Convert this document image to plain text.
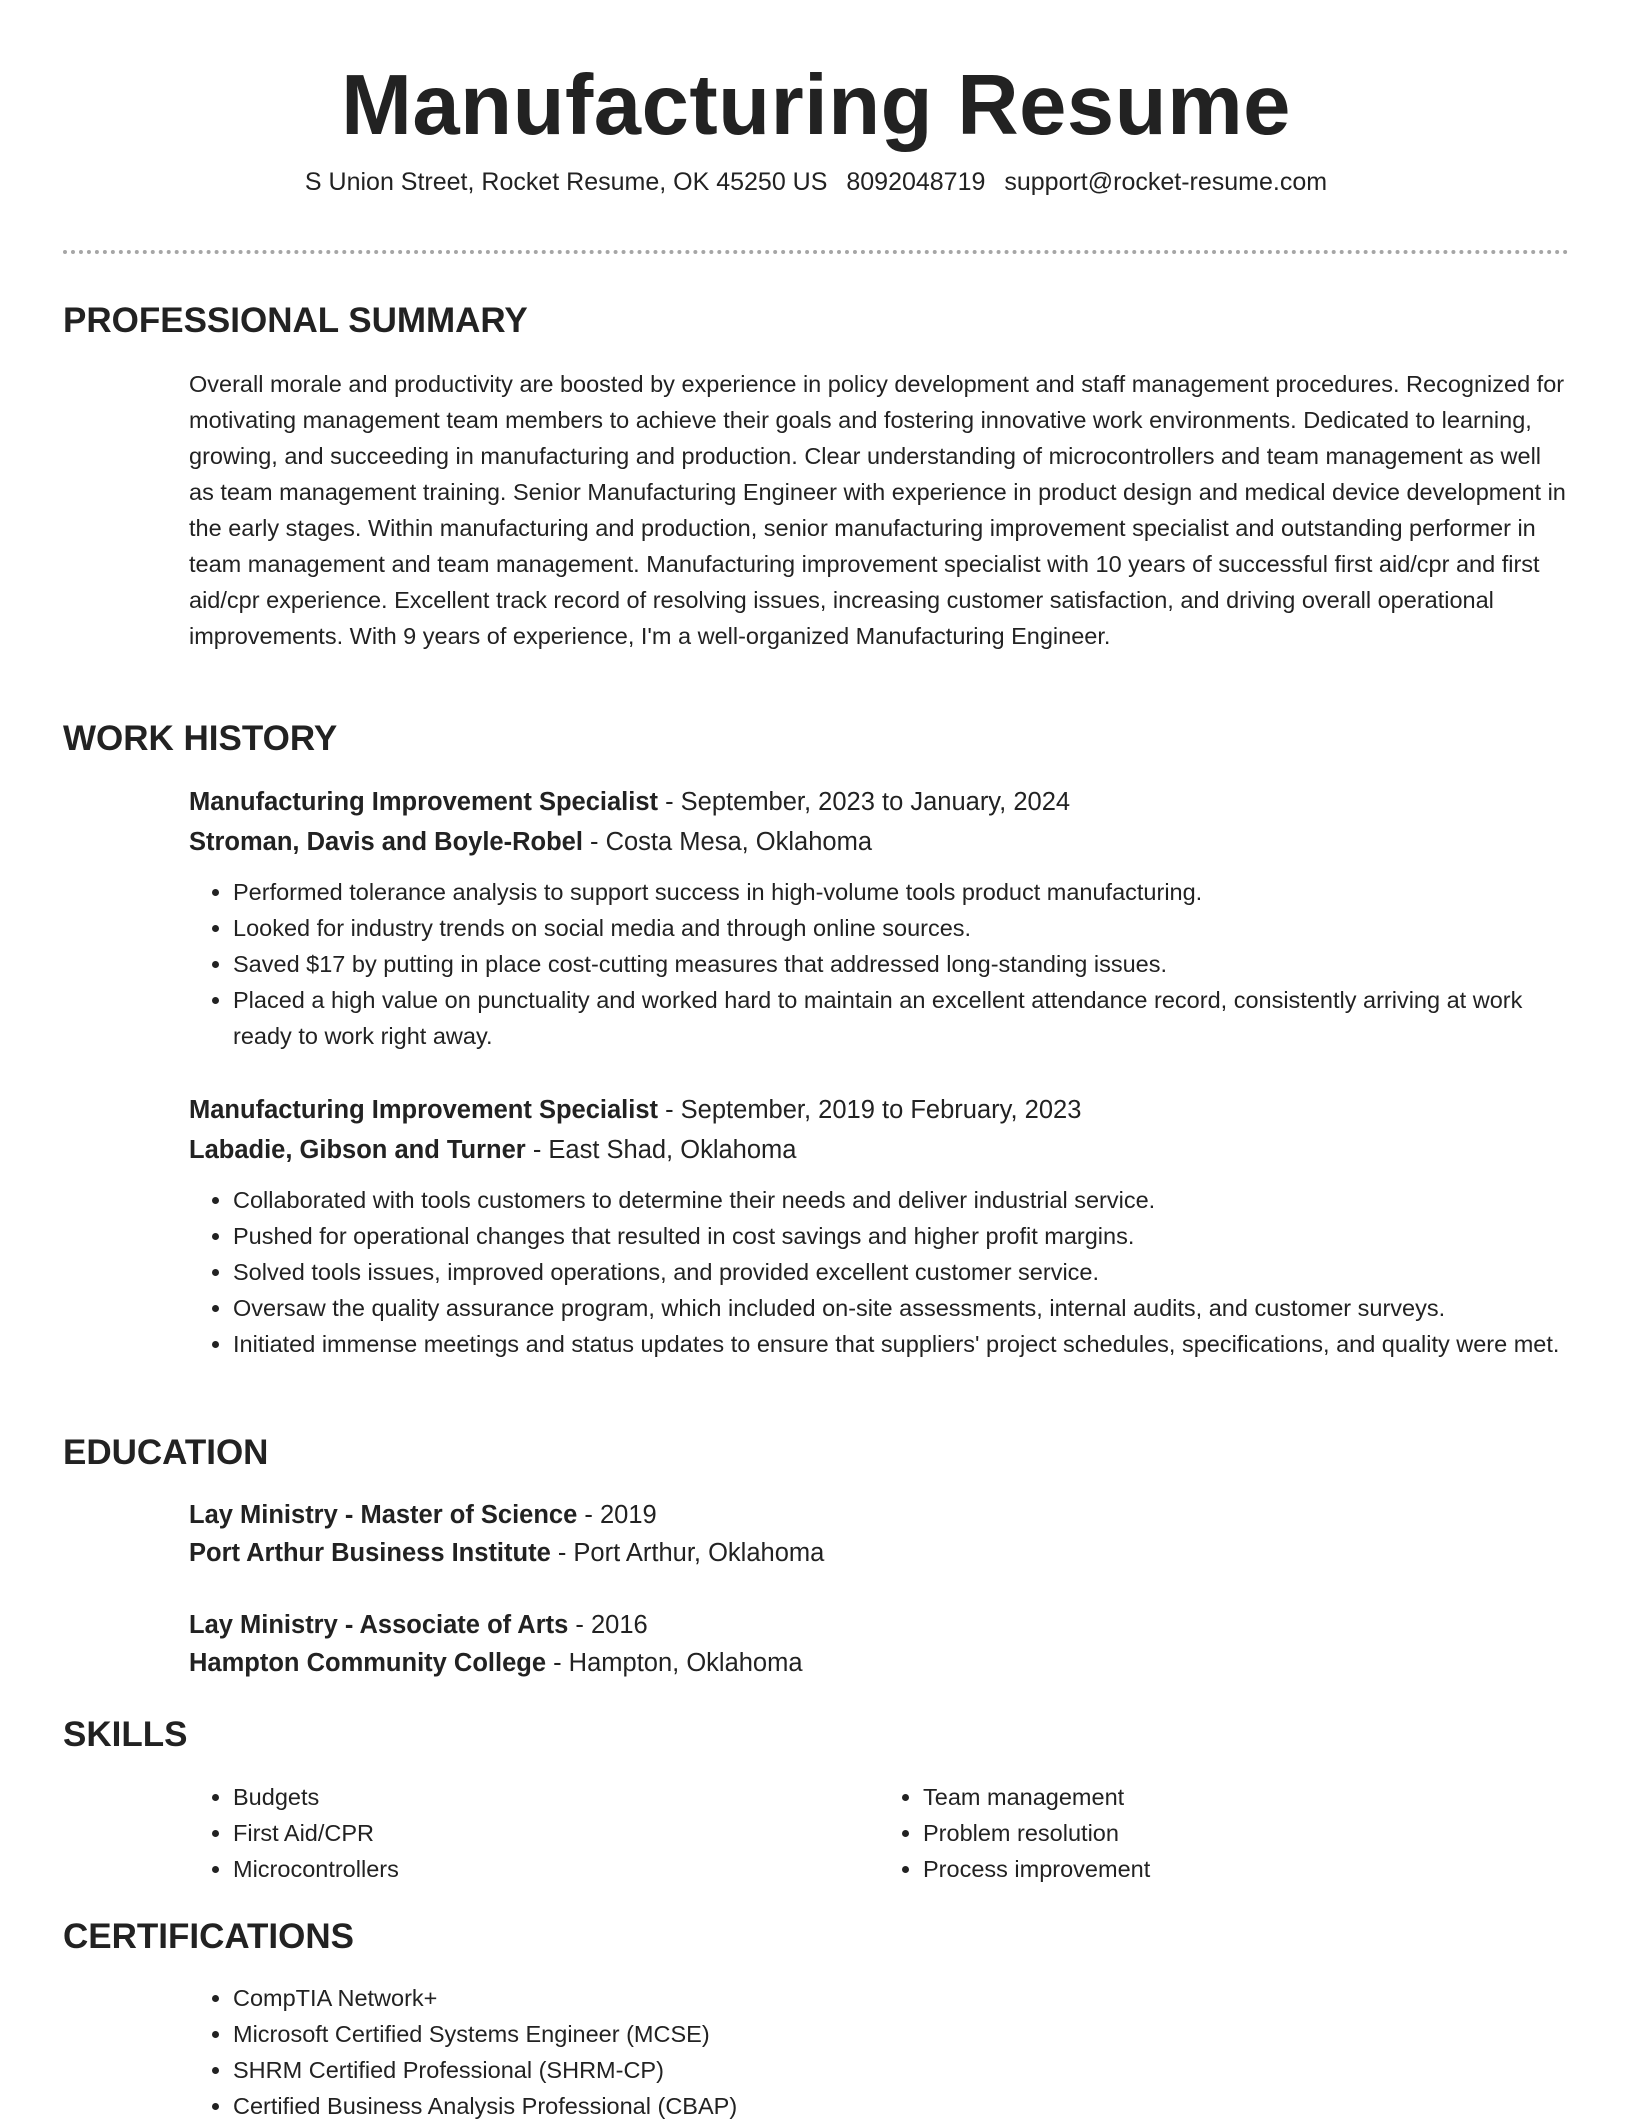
Manufacturing Resume

S Union Street, Rocket Resume, OK 45250 US 8092048719 support@rocket-resume.com

PROFESSIONAL SUMMARY

Overall morale and productivity are boosted by experience in policy development and staff management procedures. Recognized for motivating management team members to achieve their goals and fostering innovative work environments. Dedicated to learning, growing, and succeeding in manufacturing and production. Clear understanding of microcontrollers and team management as well as team management training. Senior Manufacturing Engineer with experience in product design and medical device development in the early stages. Within manufacturing and production, senior manufacturing improvement specialist and outstanding performer in team management and team management. Manufacturing improvement specialist with 10 years of successful first aid/cpr and first aid/cpr experience. Excellent track record of resolving issues, increasing customer satisfaction, and driving overall operational improvements. With 9 years of experience, I'm a well-organized Manufacturing Engineer.

WORK HISTORY
Manufacturing Improvement Specialist - September, 2023 to January, 2024
Stroman, Davis and Boyle-Robel - Costa Mesa, Oklahoma
• Performed tolerance analysis to support success in high-volume tools product manufacturing.
• Looked for industry trends on social media and through online sources.
• Saved $17 by putting in place cost-cutting measures that addressed long-standing issues.
• Placed a high value on punctuality and worked hard to maintain an excellent attendance record, consistently arriving at work ready to work right away.
Manufacturing Improvement Specialist - September, 2019 to February, 2023
Labadie, Gibson and Turner - East Shad, Oklahoma
• Collaborated with tools customers to determine their needs and deliver industrial service.
• Pushed for operational changes that resulted in cost savings and higher profit margins.
• Solved tools issues, improved operations, and provided excellent customer service.
• Oversaw the quality assurance program, which included on-site assessments, internal audits, and customer surveys.
• Initiated immense meetings and status updates to ensure that suppliers' project schedules, specifications, and quality were met.
EDUCATION
Lay Ministry - Master of Science - 2019
Port Arthur Business Institute - Port Arthur, Oklahoma
Lay Ministry - Associate of Arts - 2016
Hampton Community College - Hampton, Oklahoma
SKILLS
• Budgets
• First Aid/CPR
• Microcontrollers
• Team management
• Problem resolution
• Process improvement
CERTIFICATIONS
• CompTIA Network+
• Microsoft Certified Systems Engineer (MCSE)
• SHRM Certified Professional (SHRM-CP)
• Certified Business Analysis Professional (CBAP)
